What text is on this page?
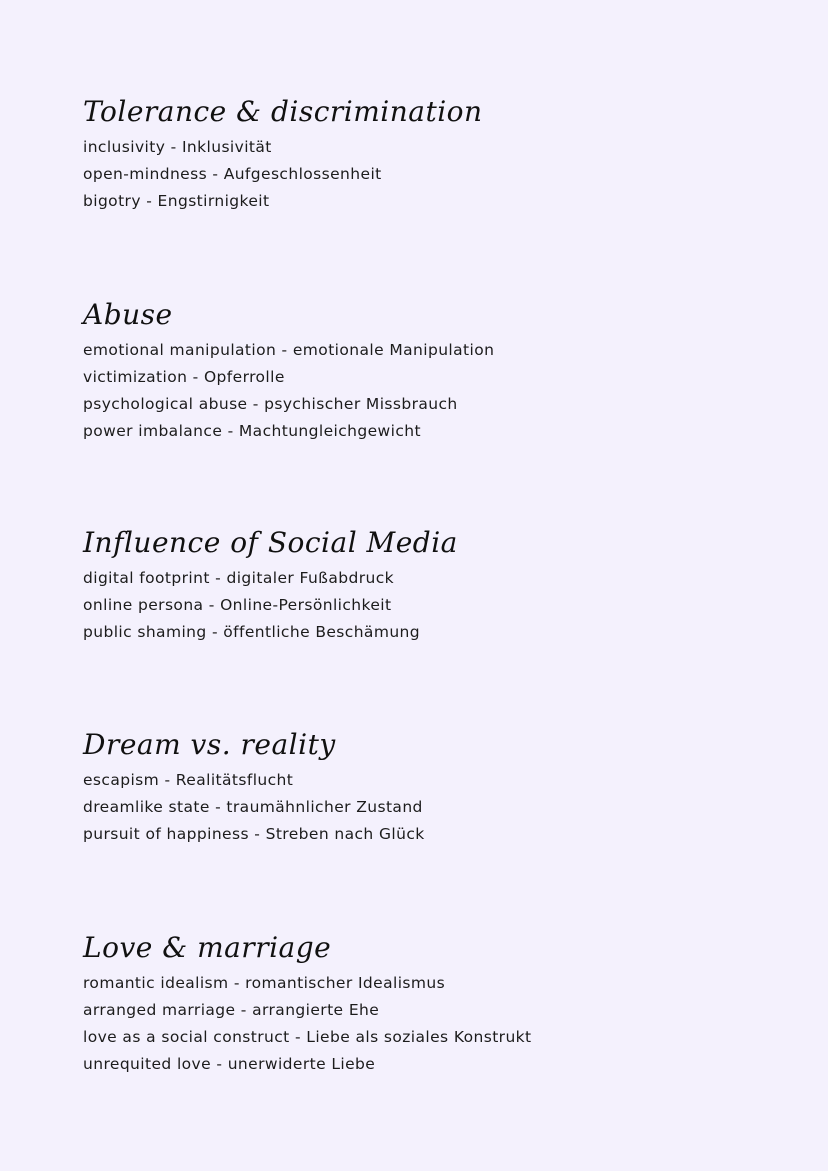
Tolerance & discrimination

inclusivity - Inklusivität

open-mindness - Aufgeschlossenheit

bigotry - Engstirnigkeit

Abuse

emotional manipulation - emotionale Manipulation

victimization - Opferrolle

psychological abuse - psychischer Missbrauch

power imbalance - Machtungleichgewicht

Influence of Social Media

digital footprint - digitaler Fußabdruck

online persona - Online-Persönlichkeit

public shaming - öffentliche Beschämung

Dream vs. reality

escapism - Realitätsflucht

dreamlike state - traumähnlicher Zustand

pursuit of happiness - Streben nach Glück

Love & marriage

romantic idealism - romantischer Idealismus

arranged marriage - arrangierte Ehe

love as a social construct - Liebe als soziales Konstrukt

unrequited love - unerwiderte Liebe
